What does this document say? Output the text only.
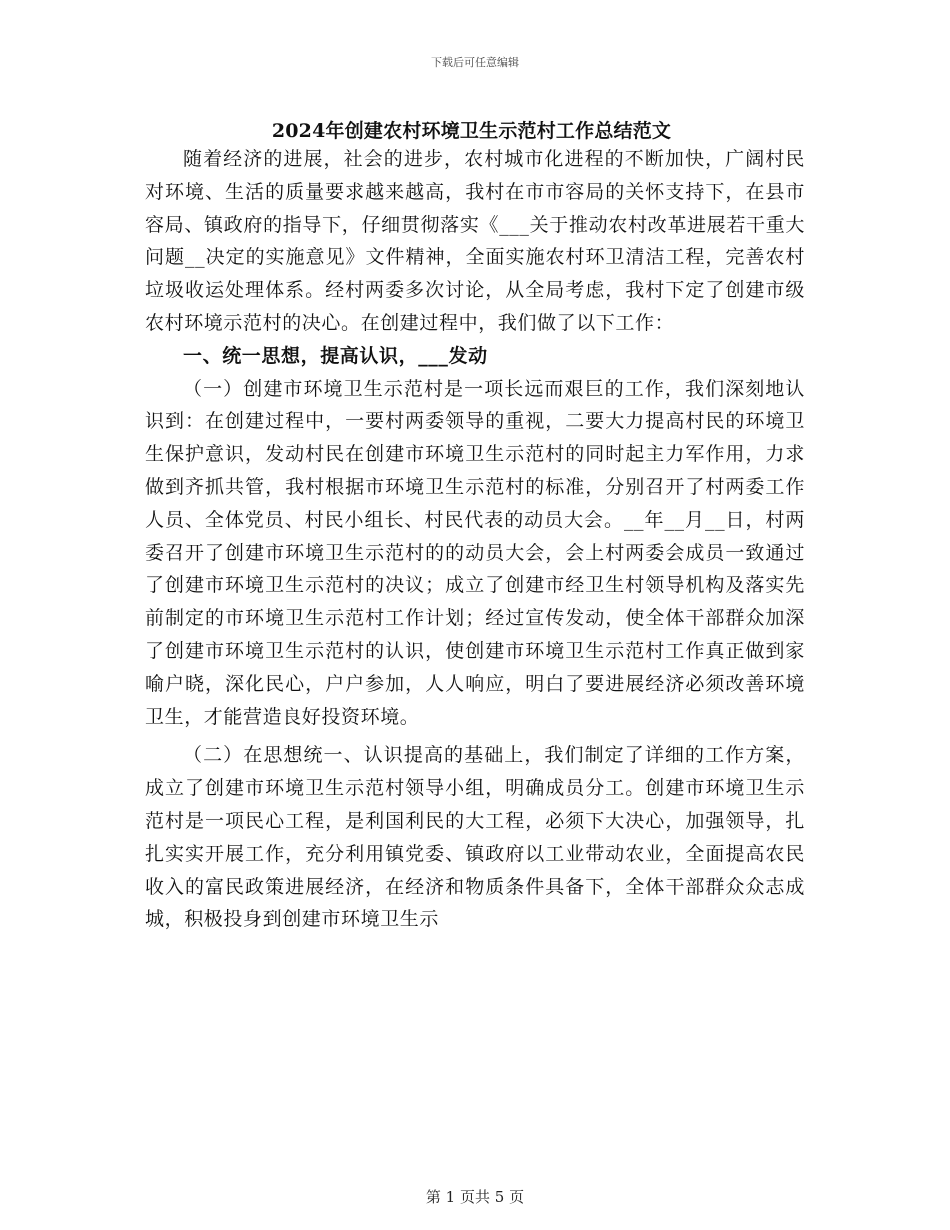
下载后可任意编辑
2024年创建农村环境卫生示范村工作总结范文

随着经济的进展，社会的进步，农村城市化进程的不断加快，广阔村民对环境、生活的质量要求越来越高，我村在市市容局的关怀支持下，在县市容局、镇政府的指导下，仔细贯彻落实《___关于推动农村改革进展若干重大问题__决定的实施意见》文件精神，全面实施农村环卫清洁工程，完善农村垃圾收运处理体系。经村两委多次讨论，从全局考虑，我村下定了创建市级农村环境示范村的决心。在创建过程中，我们做了以下工作：

一、统一思想，提高认识，___发动

（一）创建市环境卫生示范村是一项长远而艰巨的工作，我们深刻地认识到：在创建过程中，一要村两委领导的重视，二要大力提高村民的环境卫生保护意识，发动村民在创建市环境卫生示范村的同时起主力军作用，力求做到齐抓共管，我村根据市环境卫生示范村的标准，分别召开了村两委工作人员、全体党员、村民小组长、村民代表的动员大会。__年__月__日，村两委召开了创建市环境卫生示范村的的动员大会，会上村两委会成员一致通过了创建市环境卫生示范村的决议；成立了创建市经卫生村领导机构及落实先前制定的市环境卫生示范村工作计划；经过宣传发动，使全体干部群众加深了创建市环境卫生示范村的认识，使创建市环境卫生示范村工作真正做到家喻户晓，深化民心，户户参加，人人响应，明白了要进展经济必须改善环境卫生，才能营造良好投资环境。

（二）在思想统一、认识提高的基础上，我们制定了详细的工作方案，成立了创建市环境卫生示范村领导小组，明确成员分工。创建市环境卫生示范村是一项民心工程，是利国利民的大工程，必须下大决心，加强领导，扎扎实实开展工作，充分利用镇党委、镇政府以工业带动农业，全面提高农民收入的富民政策进展经济，在经济和物质条件具备下，全体干部群众众志成城，积极投身到创建市环境卫生示

第 1 页共 5 页
